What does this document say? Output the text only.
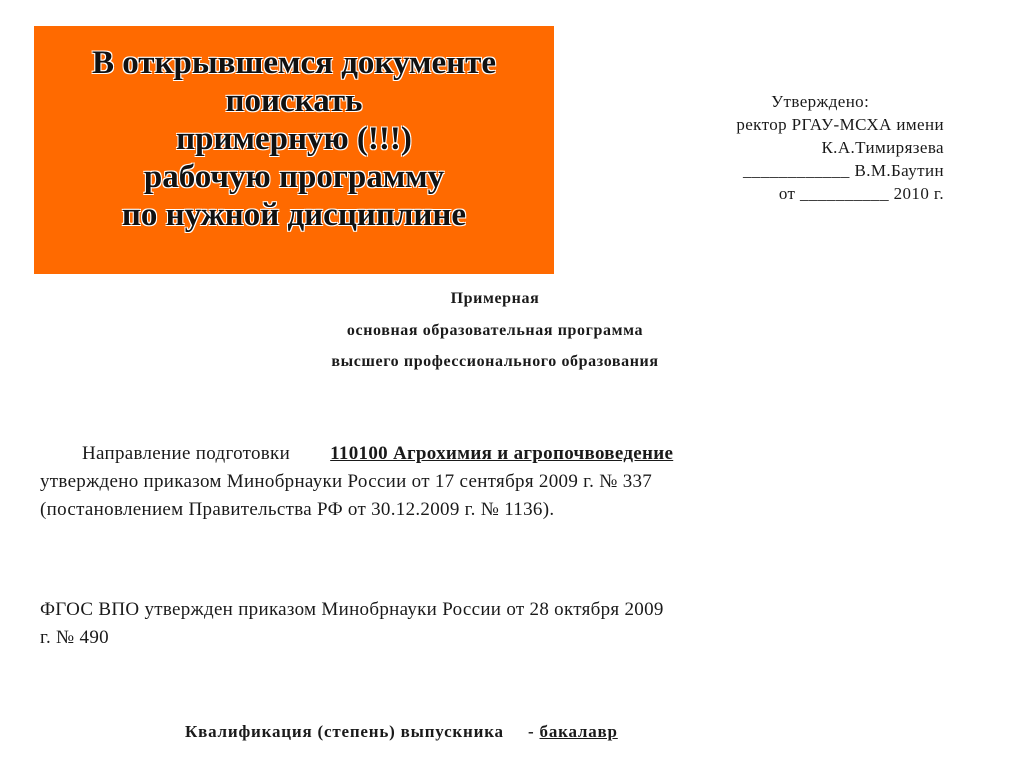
В открывшемся документе
поискать
примерную (!!!)
рабочую программу
по нужной дисциплине
Утверждено:
ректор РГАУ-МСХА имени
К.А.Тимирязева
____________ В.М.Баутин
от __________ 2010 г.
Примерная
основная образовательная программа
высшего профессионального образования
Направление подготовки 110100 Агрохимия и агропочвоведение
утверждено приказом Минобрнауки России от 17 сентября 2009 г. № 337
(постановлением Правительства РФ от 30.12.2009 г. № 1136).
ФГОС ВПО утвержден приказом Минобрнауки России от 28 октября 2009
г. № 490
Квалификация (степень) выпускника - бакалавр
